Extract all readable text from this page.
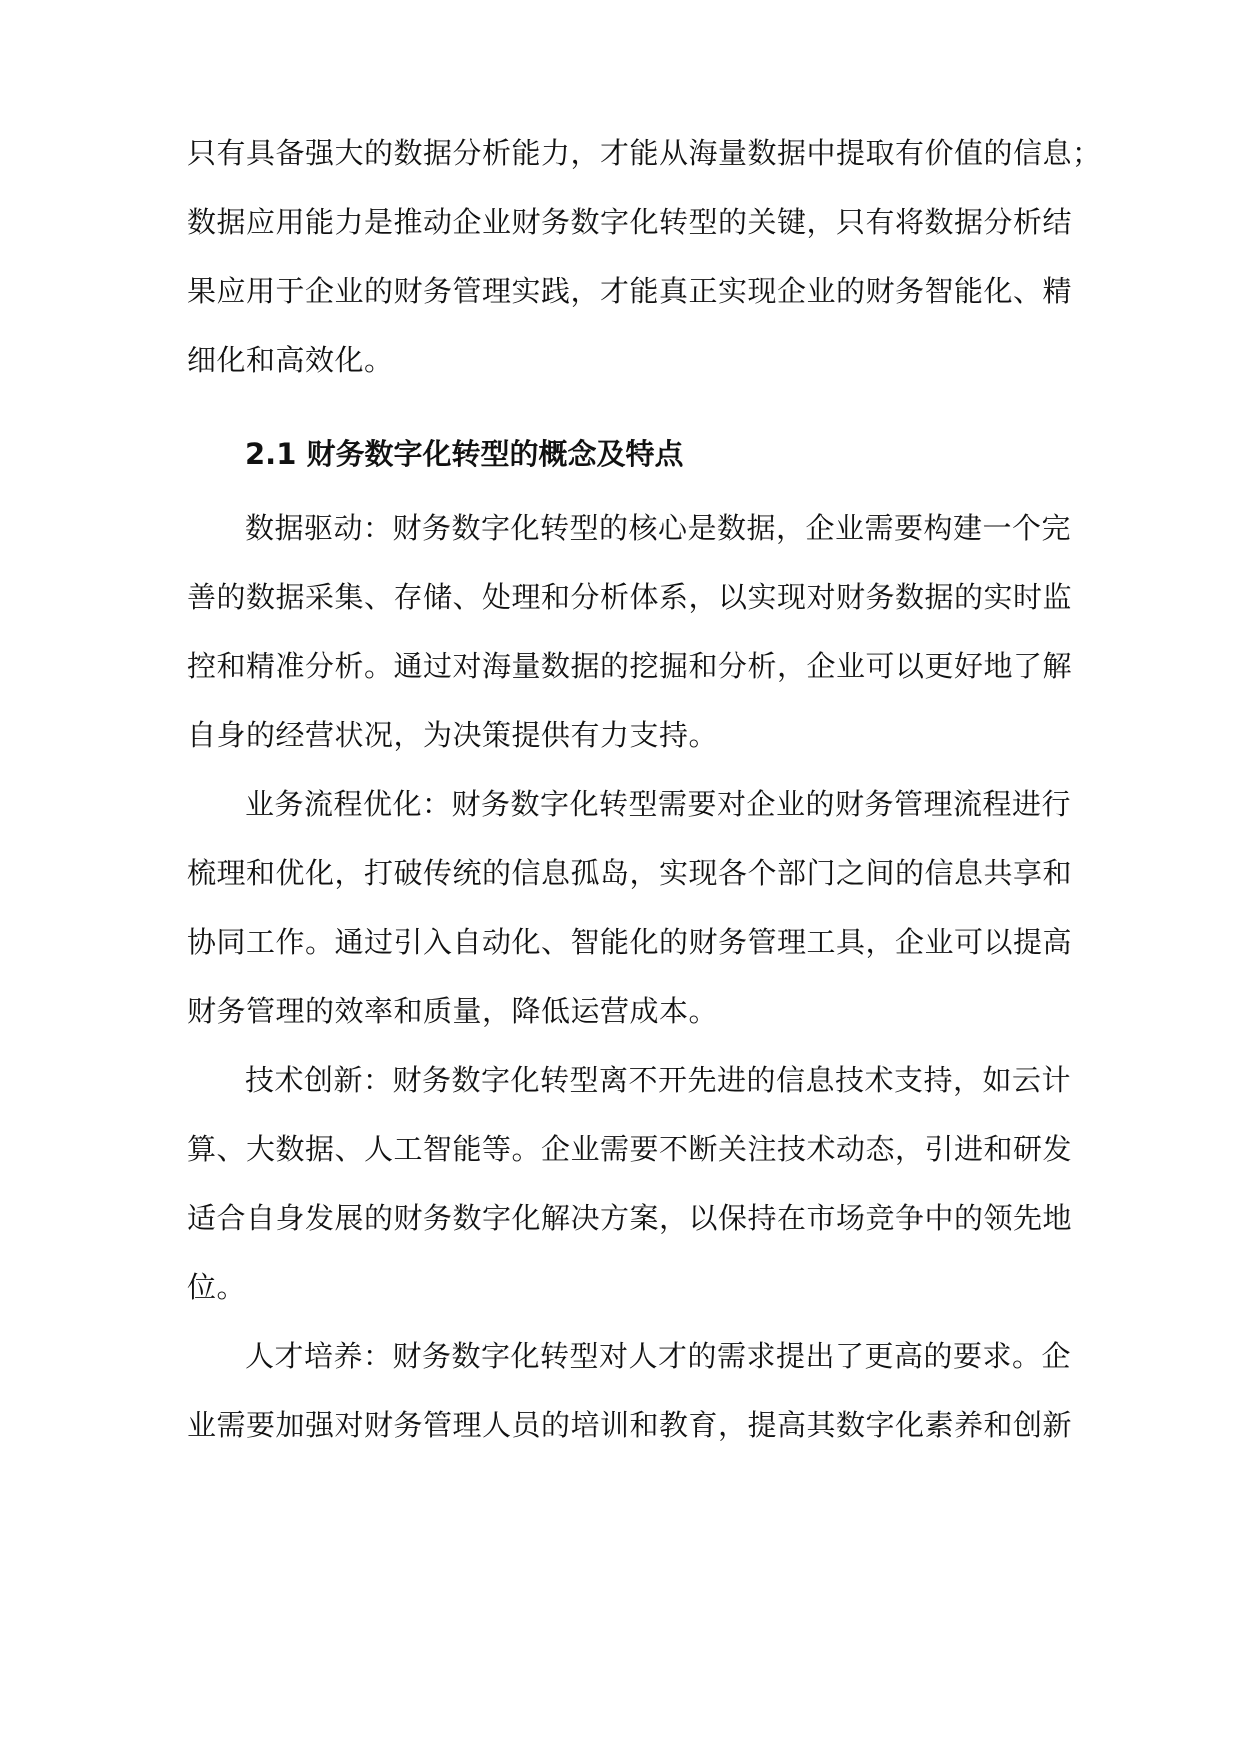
只有具备强大的数据分析能力，才能从海量数据中提取有价值的信息；
数据应用能力是推动企业财务数字化转型的关键，只有将数据分析结
果应用于企业的财务管理实践，才能真正实现企业的财务智能化、精
细化和高效化。
2.1 财务数字化转型的概念及特点
数据驱动：财务数字化转型的核心是数据，企业需要构建一个完
善的数据采集、存储、处理和分析体系，以实现对财务数据的实时监
控和精准分析。通过对海量数据的挖掘和分析，企业可以更好地了解
自身的经营状况，为决策提供有力支持。
业务流程优化：财务数字化转型需要对企业的财务管理流程进行
梳理和优化，打破传统的信息孤岛，实现各个部门之间的信息共享和
协同工作。通过引入自动化、智能化的财务管理工具，企业可以提高
财务管理的效率和质量，降低运营成本。
技术创新：财务数字化转型离不开先进的信息技术支持，如云计
算、大数据、人工智能等。企业需要不断关注技术动态，引进和研发
适合自身发展的财务数字化解决方案，以保持在市场竞争中的领先地
位。
人才培养：财务数字化转型对人才的需求提出了更高的要求。企
业需要加强对财务管理人员的培训和教育，提高其数字化素养和创新
